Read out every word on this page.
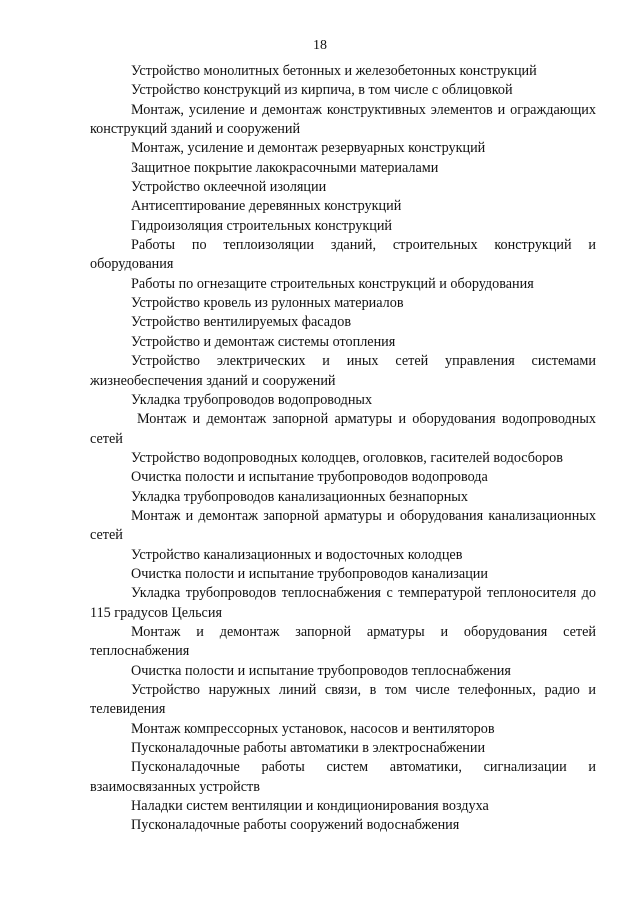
18

Устройство монолитных бетонных и железобетонных конструкций

Устройство конструкций из кирпича, в том числе с облицовкой

Монтаж, усиление и демонтаж конструктивных элементов и ограждающих конструкций зданий и сооружений

Монтаж, усиление и демонтаж резервуарных конструкций

Защитное покрытие лакокрасочными материалами

Устройство оклеечной изоляции

Антисептирование деревянных конструкций

Гидроизоляция строительных конструкций

Работы по теплоизоляции зданий, строительных конструкций и оборудования

Работы по огнезащите строительных конструкций и оборудования

Устройство кровель из рулонных материалов

Устройство вентилируемых фасадов

Устройство и демонтаж системы отопления

Устройство электрических и иных сетей управления системами жизнеобеспечения зданий и сооружений

Укладка трубопроводов водопроводных

Монтаж и демонтаж запорной арматуры и оборудования водопроводных сетей

Устройство водопроводных колодцев, оголовков, гасителей водосборов

Очистка полости и испытание трубопроводов водопровода

Укладка трубопроводов канализационных безнапорных

Монтаж и демонтаж запорной арматуры и оборудования канализационных сетей

Устройство канализационных и водосточных колодцев

Очистка полости и испытание трубопроводов канализации

Укладка трубопроводов теплоснабжения с температурой теплоносителя до 115 градусов Цельсия

Монтаж и демонтаж запорной арматуры и оборудования сетей теплоснабжения

Очистка полости и испытание трубопроводов теплоснабжения

Устройство наружных линий связи, в том числе телефонных, радио и телевидения

Монтаж компрессорных установок, насосов и вентиляторов

Пусконаладочные работы автоматики в электроснабжении

Пусконаладочные работы систем автоматики, сигнализации и взаимосвязанных устройств

Наладки систем вентиляции и кондиционирования воздуха

Пусконаладочные работы сооружений водоснабжения
